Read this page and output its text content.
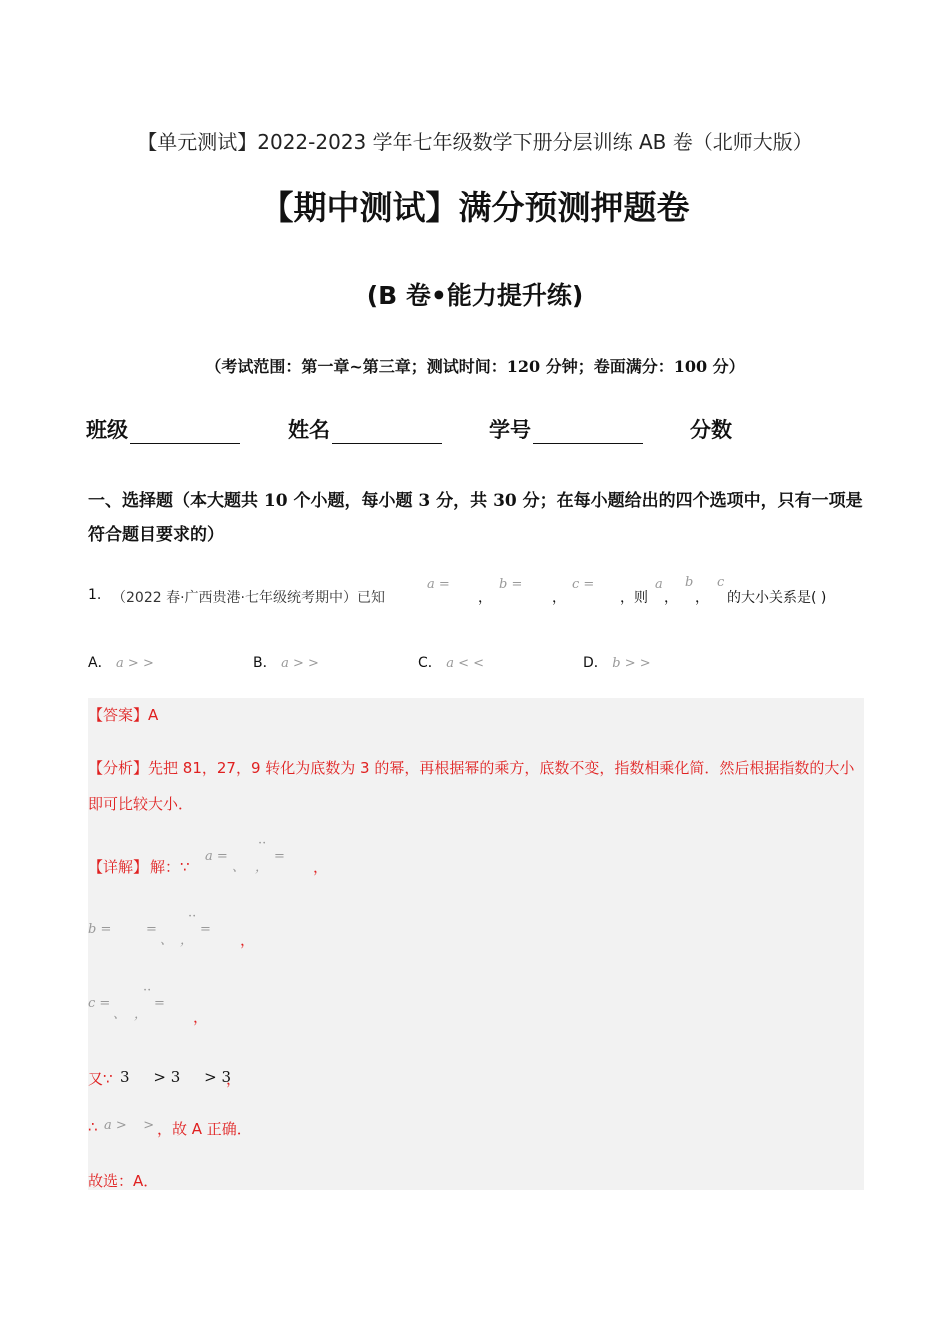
【单元测试】2022-2023 学年七年级数学下册分层训练 AB 卷（北师大版）
【期中测试】满分预测押题卷
(B 卷•能力提升练)
（考试范围：第一章~第三章；测试时间：120 分钟；卷面满分：100 分）
班级	姓名	学号	分数
一、选择题（本大题共 10 个小题，每小题 3 分，共 30 分；在每小题给出的四个选项中，只有一项是符合题目要求的）
1. （2022 春·广西贵港·七年级统考期中）已知
a =
，
b =
，
c =
，则
a
，
b
，
c
的大小关系是( )
A． a > >	B． a > >	C． a < <	D． b > >
【答案】A
【分析】先把 81，27，9 转化为底数为 3 的幂，再根据幂的乘方，底数不变，指数相乘化简．然后根据指数的大小即可比较大小．
【详解】 解：∵
a =
、
··
，
=
，
b =	=
、
··
，
=
，
c =
、
··
，
=
，
又∵ 3     > 3     > 3
，
∴ a >    > ，故 A 正确．
故选：A．
